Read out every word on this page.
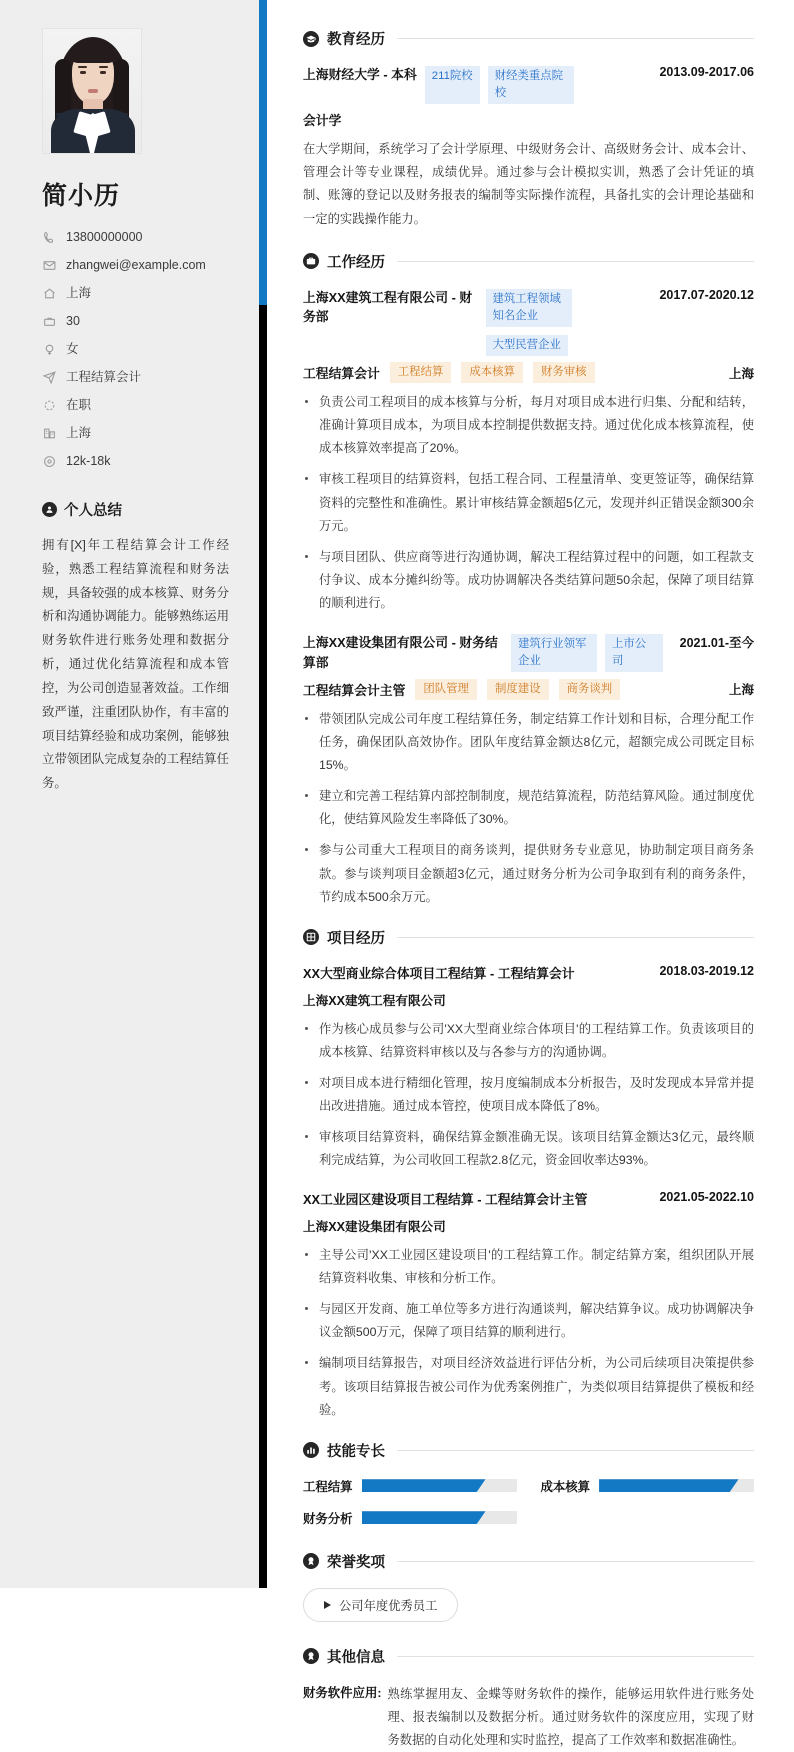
简小历
13800000000
zhangwei@example.com
上海
30
女
工程结算会计
在职
上海
12k-18k
个人总结

拥有[X]年工程结算会计工作经验，熟悉工程结算流程和财务法规，具备较强的成本核算、财务分析和沟通协调能力。能够熟练运用财务软件进行账务处理和数据分析，通过优化结算流程和成本管控，为公司创造显著效益。工作细致严谨，注重团队协作，有丰富的项目结算经验和成功案例，能够独立带领团队完成复杂的工程结算任务。

教育经历
上海财经大学 - 本科	211院校	财经类重点院校
2013.09-2017.06
会计学

在大学期间，系统学习了会计学原理、中级财务会计、高级财务会计、成本会计、管理会计等专业课程，成绩优异。通过参与会计模拟实训，熟悉了会计凭证的填制、账簿的登记以及财务报表的编制等实际操作流程，具备扎实的会计理论基础和一定的实践操作能力。

工作经历
上海XX建筑工程有限公司 - 财务部
建筑工程领域知名企业
大型民营企业
2017.07-2020.12
工程结算会计	工程结算	成本核算	财务审核	上海
负责公司工程项目的成本核算与分析，每月对项目成本进行归集、分配和结转，准确计算项目成本，为项目成本控制提供数据支持。通过优化成本核算流程，使成本核算效率提高了20%。
审核工程项目的结算资料，包括工程合同、工程量清单、变更签证等，确保结算资料的完整性和准确性。累计审核结算金额超5亿元，发现并纠正错误金额300余万元。
与项目团队、供应商等进行沟通协调，解决工程结算过程中的问题，如工程款支付争议、成本分摊纠纷等。成功协调解决各类结算问题50余起，保障了项目结算的顺利进行。
上海XX建设集团有限公司 - 财务结算部
建筑行业领军企业
上市公司
2021.01-至今
工程结算会计主管	团队管理	制度建设	商务谈判	上海
带领团队完成公司年度工程结算任务，制定结算工作计划和目标，合理分配工作任务，确保团队高效协作。团队年度结算金额达8亿元，超额完成公司既定目标15%。
建立和完善工程结算内部控制制度，规范结算流程，防范结算风险。通过制度优化，使结算风险发生率降低了30%。
参与公司重大工程项目的商务谈判，提供财务专业意见，协助制定项目商务条款。参与谈判项目金额超3亿元，通过财务分析为公司争取到有利的商务条件，节约成本500余万元。
项目经历
XX大型商业综合体项目工程结算 - 工程结算会计	2018.03-2019.12
上海XX建筑工程有限公司
作为核心成员参与公司'XX大型商业综合体项目'的工程结算工作。负责该项目的成本核算、结算资料审核以及与各参与方的沟通协调。
对项目成本进行精细化管理，按月度编制成本分析报告，及时发现成本异常并提出改进措施。通过成本管控，使项目成本降低了8%。
审核项目结算资料，确保结算金额准确无误。该项目结算金额达3亿元，最终顺利完成结算，为公司收回工程款2.8亿元，资金回收率达93%。
XX工业园区建设项目工程结算 - 工程结算会计主管	2021.05-2022.10
上海XX建设集团有限公司
主导公司'XX工业园区建设项目'的工程结算工作。制定结算方案，组织团队开展结算资料收集、审核和分析工作。
与园区开发商、施工单位等多方进行沟通谈判，解决结算争议。成功协调解决争议金额500万元，保障了项目结算的顺利进行。
编制项目结算报告，对项目经济效益进行评估分析，为公司后续项目决策提供参考。该项目结算报告被公司作为优秀案例推广，为类似项目结算提供了模板和经验。
技能专长
工程结算	成本核算
财务分析
荣誉奖项
公司年度优秀员工
其他信息
财务软件应用: 熟练掌握用友、金蝶等财务软件的操作，能够运用软件进行账务处理、报表编制以及数据分析。通过财务软件的深度应用，实现了财务数据的自动化处理和实时监控，提高了工作效率和数据准确性。
